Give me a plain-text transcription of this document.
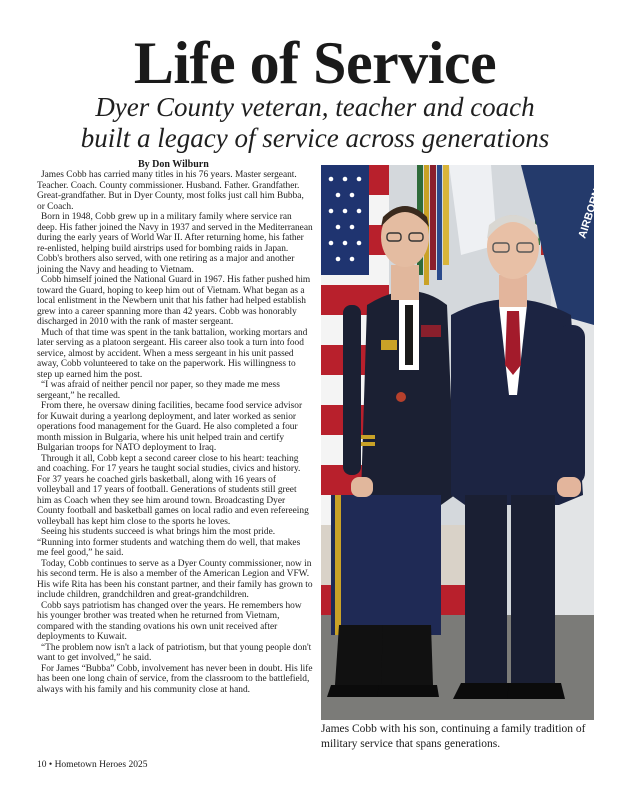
Life of Service
Dyer County veteran, teacher and coach
built a legacy of service across generations
By Don Wilburn

James Cobb has carried many titles in his 76 years. Master sergeant. Teacher. Coach. County commissioner. Husband. Father. Grandfather. Great-grandfather. But in Dyer County, most folks just call him Bubba, or Coach.

Born in 1948, Cobb grew up in a military family where service ran deep. His father joined the Navy in 1937 and served in the Mediterranean during the early years of World War II. After returning home, his father re-enlisted, helping build airstrips used for bombing raids in Japan. Cobb's brothers also served, with one retiring as a major and another joining the Navy and heading to Vietnam.

Cobb himself joined the National Guard in 1967. His father pushed him toward the Guard, hoping to keep him out of Vietnam. What began as a local enlistment in the Newbern unit that his father had helped establish grew into a career spanning more than 42 years. Cobb was honorably discharged in 2010 with the rank of master sergeant.

Much of that time was spent in the tank battalion, working mortars and later serving as a platoon sergeant. His career also took a turn into food service, almost by accident. When a mess sergeant in his unit passed away, Cobb volunteered to take on the paperwork. His willingness to step up earned him the post.

“I was afraid of neither pencil nor paper, so they made me mess sergeant,” he recalled.

From there, he oversaw dining facilities, became food service advisor for Kuwait during a yearlong deployment, and later worked as senior operations food management for the Guard. He also completed a four month mission in Bulgaria, where his unit helped train and certify Bulgarian troops for NATO deployment to Iraq.

Through it all, Cobb kept a second career close to his heart: teaching and coaching. For 17 years he taught social studies, civics and history. For 37 years he coached girls basketball, along with 16 years of volleyball and 17 years of football. Generations of students still greet him as Coach when they see him around town. Broadcasting Dyer County football and basketball games on local radio and even refereeing volleyball has kept him close to the sports he loves.

Seeing his students succeed is what brings him the most pride. “Running into former students and watching them do well, that makes me feel good,” he said.

Today, Cobb continues to serve as a Dyer County commissioner, now in his second term. He is also a member of the American Legion and VFW. His wife Rita has been his constant partner, and their family has grown to include children, grandchildren and great-grandchildren.

Cobb says patriotism has changed over the years. He remembers how his younger brother was treated when he returned from Vietnam, compared with the standing ovations his own unit received after deployments to Kuwait.

“The problem now isn't a lack of patriotism, but that young people don't want to get involved,” he said.

For James “Bubba” Cobb, involvement has never been in doubt. His life has been one long chain of service, from the classroom to the battlefield, always with his family and his community close at hand.

AIRBORNE
James Cobb with his son, continuing a family tradition of military service that spans generations.
10 • Hometown Heroes 2025
